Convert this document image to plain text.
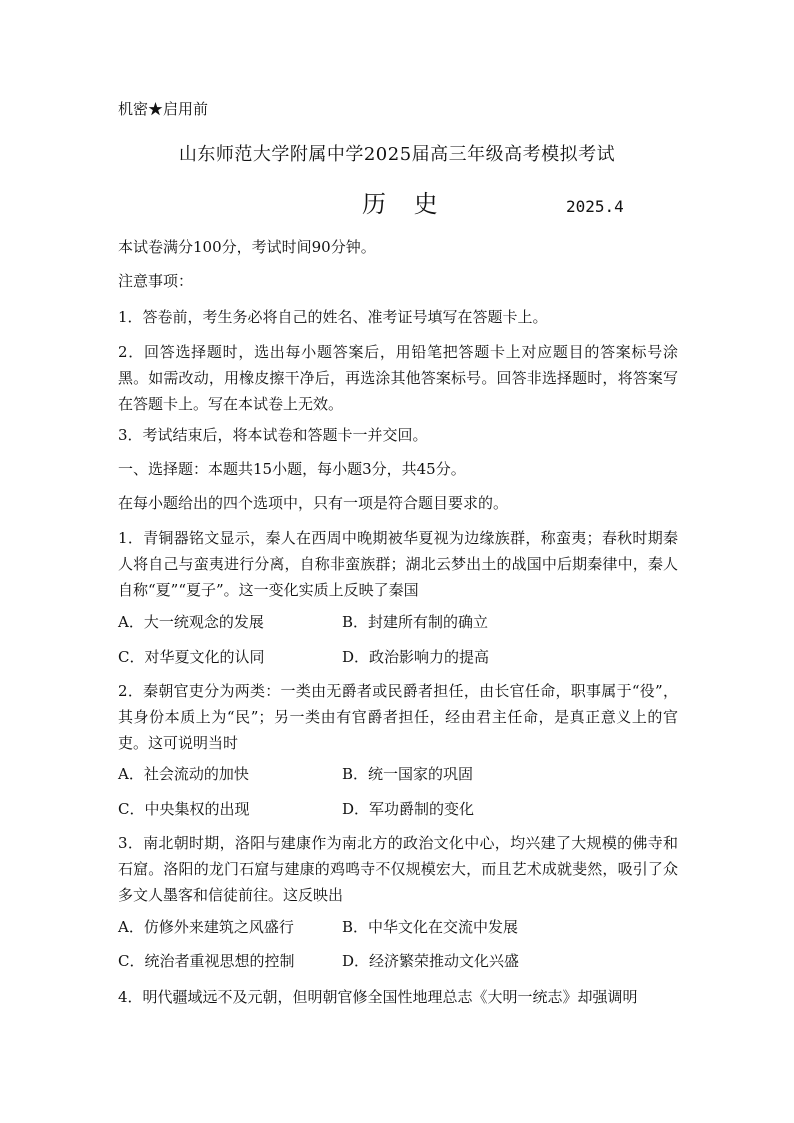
机密★启用前
山东师范大学附属中学2025届高三年级高考模拟考试
历 史	2025.4
本试卷满分100分，考试时间90分钟。
注意事项：
1．答卷前，考生务必将自己的姓名、准考证号填写在答题卡上。
2．回答选择题时，选出每小题答案后，用铅笔把答题卡上对应题目的答案标号涂黑。如需改动，用橡皮擦干净后，再选涂其他答案标号。回答非选择题时，将答案写在答题卡上。写在本试卷上无效。
3．考试结束后，将本试卷和答题卡一并交回。
一、选择题：本题共15小题，每小题3分，共45分。
在每小题给出的四个选项中，只有一项是符合题目要求的。
1．青铜器铭文显示，秦人在西周中晚期被华夏视为边缘族群，称蛮夷；春秋时期秦人将自己与蛮夷进行分离，自称非蛮族群；湖北云梦出土的战国中后期秦律中，秦人自称“夏”“夏子”。这一变化实质上反映了秦国
A．大一统观念的发展	B．封建所有制的确立
C．对华夏文化的认同	D．政治影响力的提高
2．秦朝官吏分为两类：一类由无爵者或民爵者担任，由长官任命，职事属于“役”，其身份本质上为“民”；另一类由有官爵者担任，经由君主任命，是真正意义上的官吏。这可说明当时
A．社会流动的加快	B．统一国家的巩固
C．中央集权的出现	D．军功爵制的变化
3．南北朝时期，洛阳与建康作为南北方的政治文化中心，均兴建了大规模的佛寺和石窟。洛阳的龙门石窟与建康的鸡鸣寺不仅规模宏大，而且艺术成就斐然，吸引了众多文人墨客和信徒前往。这反映出
A．仿修外来建筑之风盛行	B．中华文化在交流中发展
C．统治者重视思想的控制	D．经济繁荣推动文化兴盛
4．明代疆域远不及元朝，但明朝官修全国性地理总志《大明一统志》却强调明
